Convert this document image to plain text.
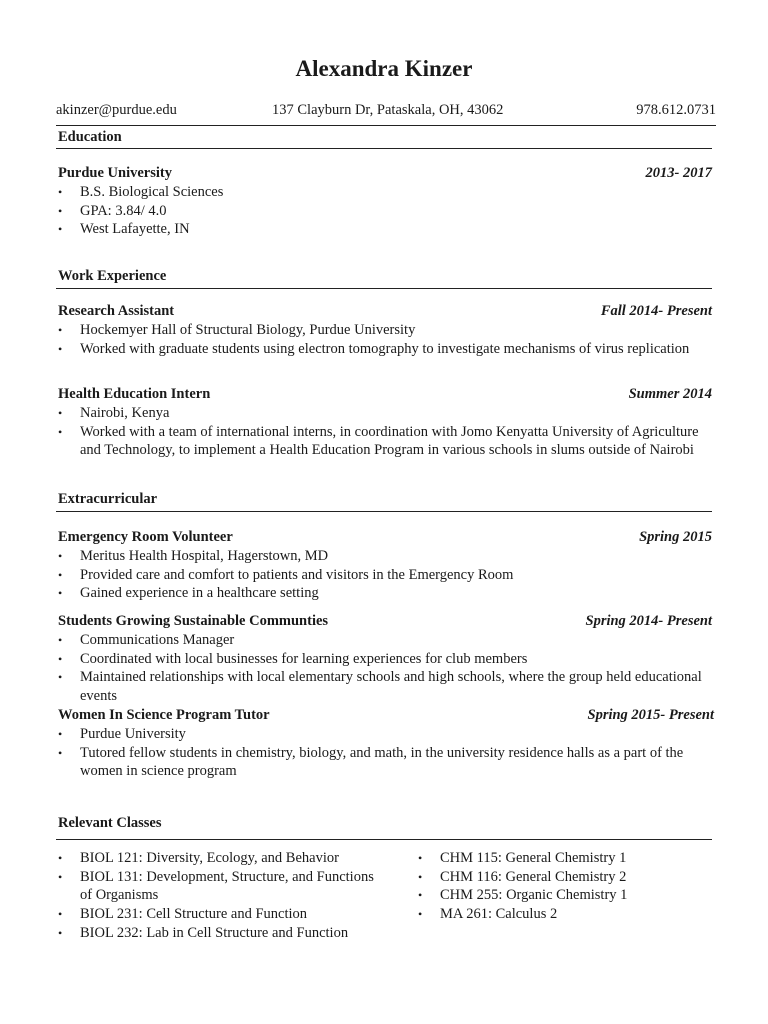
Alexandra Kinzer
akinzer@purdue.edu	137 Clayburn Dr, Pataskala, OH, 43062	978.612.0731
Education
Purdue University	2013- 2017
• B.S. Biological Sciences
• GPA: 3.84/ 4.0
• West Lafayette, IN
Work Experience
Research Assistant	Fall 2014- Present
• Hockemyer Hall of Structural Biology, Purdue University
• Worked with graduate students using electron tomography to investigate mechanisms of virus replication
Health Education Intern	Summer 2014
• Nairobi, Kenya
• Worked with a team of international interns, in coordination with Jomo Kenyatta University of Agriculture and Technology, to implement a Health Education Program in various schools in slums outside of Nairobi
Extracurricular
Emergency Room Volunteer	Spring 2015
• Meritus Health Hospital, Hagerstown, MD
• Provided care and comfort to patients and visitors in the Emergency Room
• Gained experience in a healthcare setting
Students Growing Sustainable Communties	Spring 2014- Present
• Communications Manager
• Coordinated with local businesses for learning experiences for club members
• Maintained relationships with local elementary schools and high schools, where the group held educational events
Women In Science Program Tutor	Spring 2015- Present
• Purdue University
• Tutored fellow students in chemistry, biology, and math, in the university residence halls as a part of the women in science program
Relevant Classes
• BIOL 121: Diversity, Ecology, and Behavior
• BIOL 131: Development, Structure, and Functions of Organisms
• BIOL 231: Cell Structure and Function
• BIOL 232: Lab in Cell Structure and Function
• CHM 115: General Chemistry 1
• CHM 116: General Chemistry 2
• CHM 255: Organic Chemistry 1
• MA 261: Calculus 2
